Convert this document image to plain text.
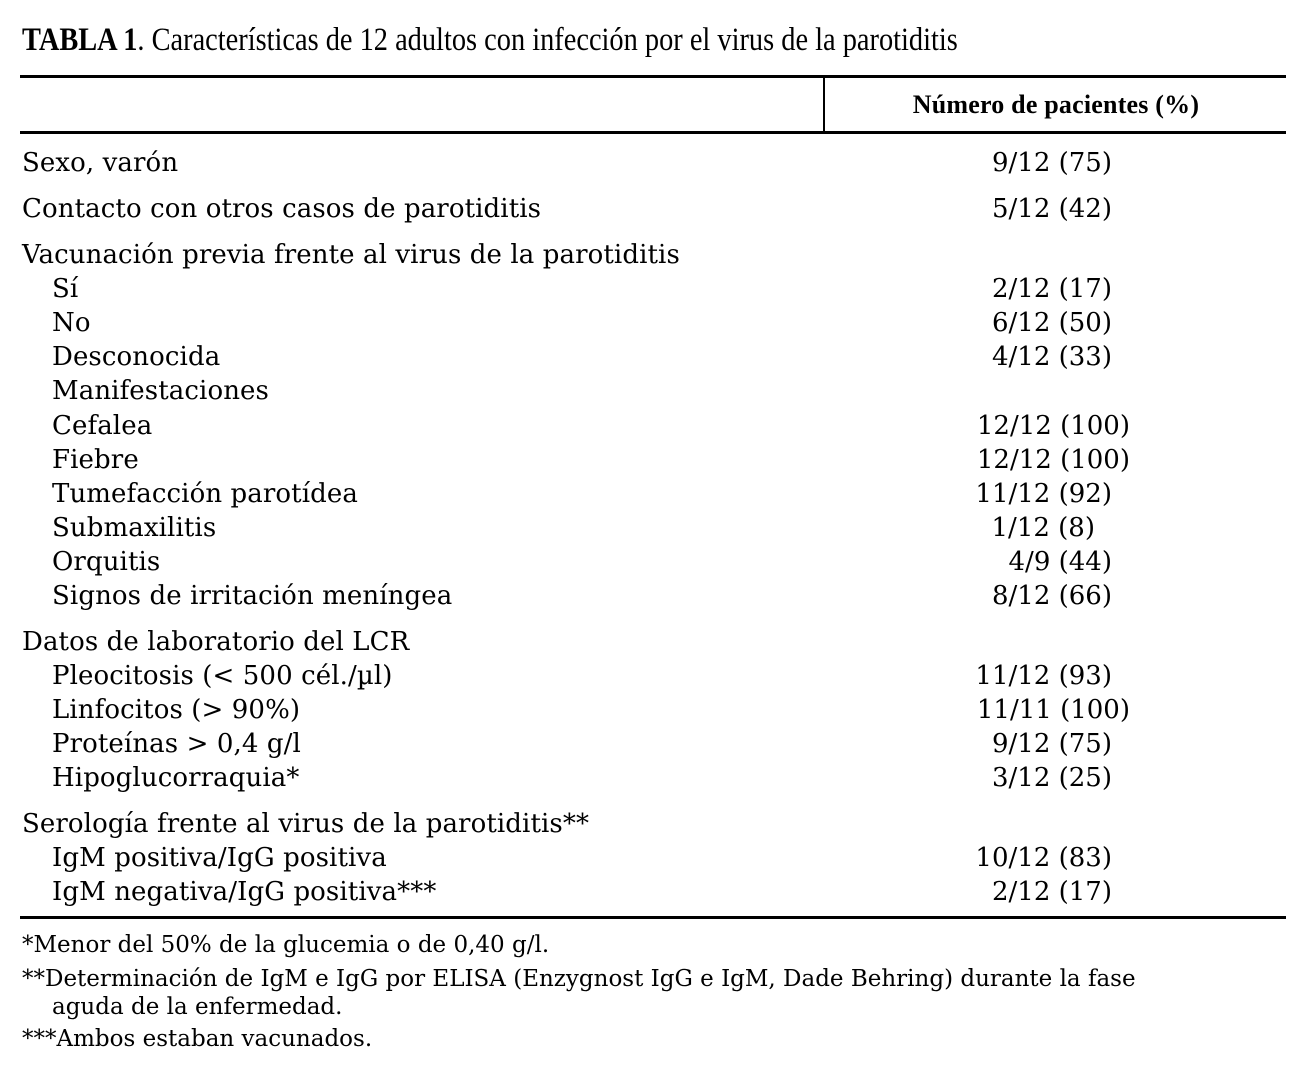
TABLA 1. Características de 12 adultos con infección por el virus de la parotiditis
Número de pacientes (%)
Sexo, varón	9/12 (75)
Contacto con otros casos de parotiditis	5/12 (42)
Vacunación previa frente al virus de la parotiditis
Sí	2/12 (17)
No	6/12 (50)
Desconocida	4/12 (33)
Manifestaciones
Cefalea	12/12 (100)
Fiebre	12/12 (100)
Tumefacción parotídea	11/12 (92)
Submaxilitis	1/12 (8)
Orquitis	4/9 (44)
Signos de irritación meníngea	8/12 (66)
Datos de laboratorio del LCR
Pleocitosis (< 500 cél./µl)	11/12 (93)
Linfocitos (> 90%)	11/11 (100)
Proteínas > 0,4 g/l	9/12 (75)
Hipoglucorraquia*	3/12 (25)
Serología frente al virus de la parotiditis**
IgM positiva/IgG positiva	10/12 (83)
IgM negativa/IgG positiva***	2/12 (17)
*Menor del 50% de la glucemia o de 0,40 g/l.
**Determinación de IgM e IgG por ELISA (Enzygnost IgG e IgM, Dade Behring) durante la fase
aguda de la enfermedad.
***Ambos estaban vacunados.
